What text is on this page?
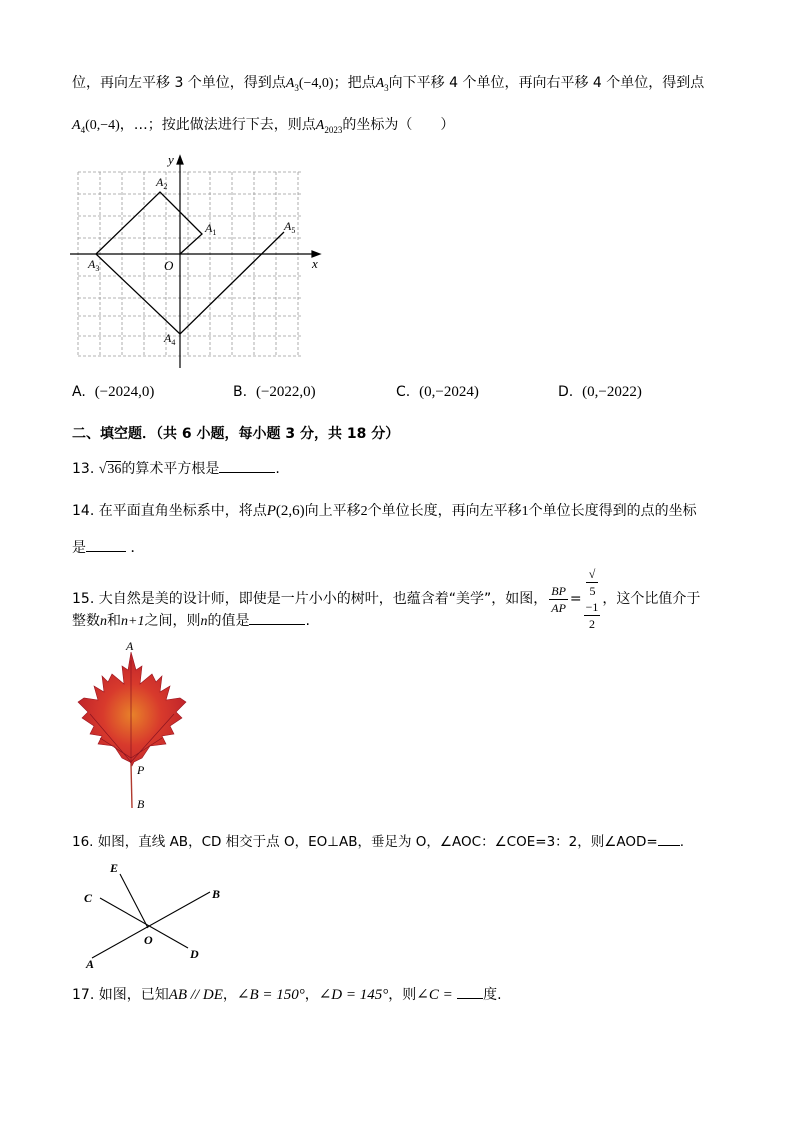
位，再向左平移 3 个单位，得到点$A_3(-4,0)$；把点$A_3$向下平移 4 个单位，再向右平移 4 个单位，得到点
$A_4(0,-4)$，…；按此做法进行下去，则点$A_{2023}$的坐标为（　　）
y
x
O
$A_1$
$A_2$
$A_3$
$A_4$
$A_5$
A. (−2024,0)	B. (−2022,0)	C. (0,−2024)	D. (0,−2022)
二、填空题．（共 6 小题，每小题 3 分，共 18 分）
13. √36的算术平方根是	.
14. 在平面直角坐标系中，将点P(2,6)向上平移2个单位长度，再向左平移1个单位长度得到的点的坐标
是	．
15. 大自然是美的设计师，即使是一片小小的树叶，也蕴含着“美学”，如图， $\frac{BP}{AP}$ = √
5
−1
2 ，这个比值介于
整数n和n+1之间，则n的值是	.
A
P
B
16. 如图，直线 AB，CD 相交于点 O，EO⊥AB，垂足为 O，∠AOC：∠COE=3：2，则∠AOD= .
E
C	B
O
D
A
17. 如图，已知AB // DE，∠B = 150°，∠D = 145°，则∠C = 度.
